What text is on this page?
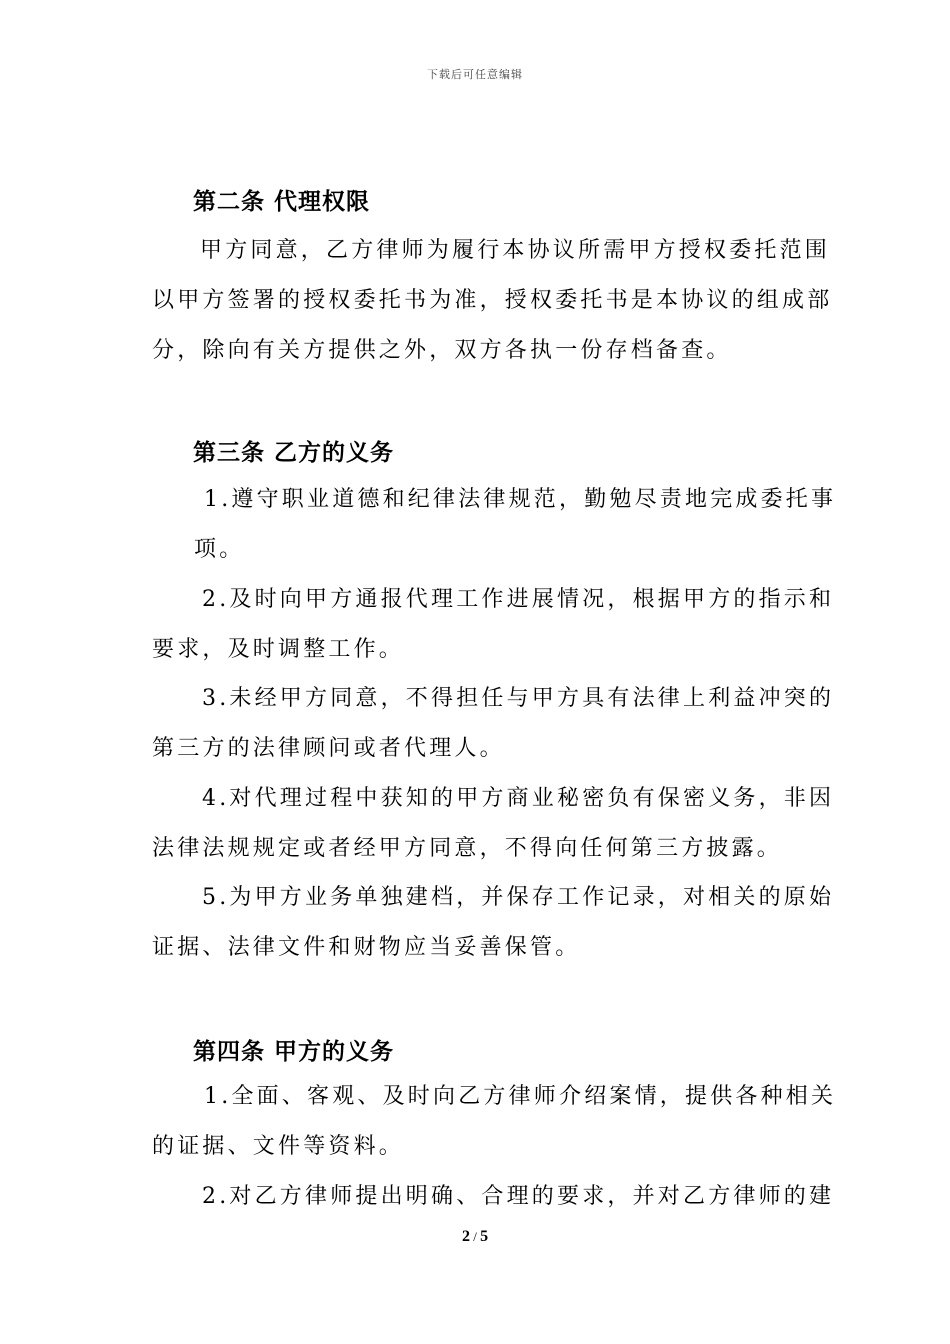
下载后可任意编辑
第二条 代理权限
甲方同意，乙方律师为履行本协议所需甲方授权委托范围
以甲方签署的授权委托书为准，授权委托书是本协议的组成部
分，除向有关方提供之外，双方各执一份存档备查。
第三条 乙方的义务
1.遵守职业道德和纪律法律规范，勤勉尽责地完成委托事
项。
2.及时向甲方通报代理工作进展情况，根据甲方的指示和
要求，及时调整工作。
3.未经甲方同意，不得担任与甲方具有法律上利益冲突的
第三方的法律顾问或者代理人。
4.对代理过程中获知的甲方商业秘密负有保密义务，非因
法律法规规定或者经甲方同意，不得向任何第三方披露。
5.为甲方业务单独建档，并保存工作记录，对相关的原始
证据、法律文件和财物应当妥善保管。
第四条 甲方的义务
1.全面、客观、及时向乙方律师介绍案情，提供各种相关
的证据、文件等资料。
2.对乙方律师提出明确、合理的要求，并对乙方律师的建
2 / 5
